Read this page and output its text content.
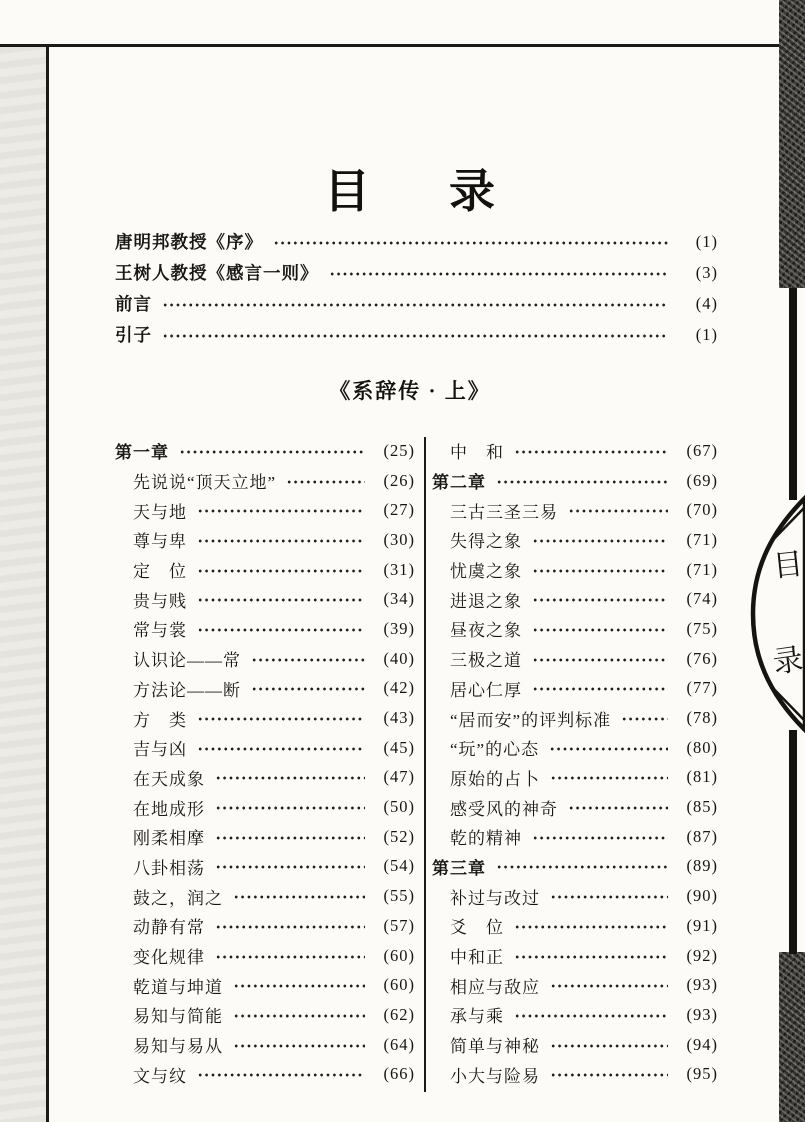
目
录
目 录
唐明邦教授《序》	(1)
王树人教授《感言一则》	(3)
前言	(4)
引子	(1)
《系辞传 · 上》
第一章	(25)
先说说“顶天立地”	(26)
天与地	(27)
尊与卑	(30)
定　位	(31)
贵与贱	(34)
常与裳	(39)
认识论——常	(40)
方法论——断	(42)
方　类	(43)
吉与凶	(45)
在天成象	(47)
在地成形	(50)
刚柔相摩	(52)
八卦相荡	(54)
鼓之，润之	(55)
动静有常	(57)
变化规律	(60)
乾道与坤道	(60)
易知与简能	(62)
易知与易从	(64)
文与纹	(66)
中　和	(67)
第二章	(69)
三古三圣三易	(70)
失得之象	(71)
忧虞之象	(71)
进退之象	(74)
昼夜之象	(75)
三极之道	(76)
居心仁厚	(77)
“居而安”的评判标准	(78)
“玩”的心态	(80)
原始的占卜	(81)
感受风的神奇	(85)
乾的精神	(87)
第三章	(89)
补过与改过	(90)
爻　位	(91)
中和正	(92)
相应与敌应	(93)
承与乘	(93)
简单与神秘	(94)
小大与险易	(95)
